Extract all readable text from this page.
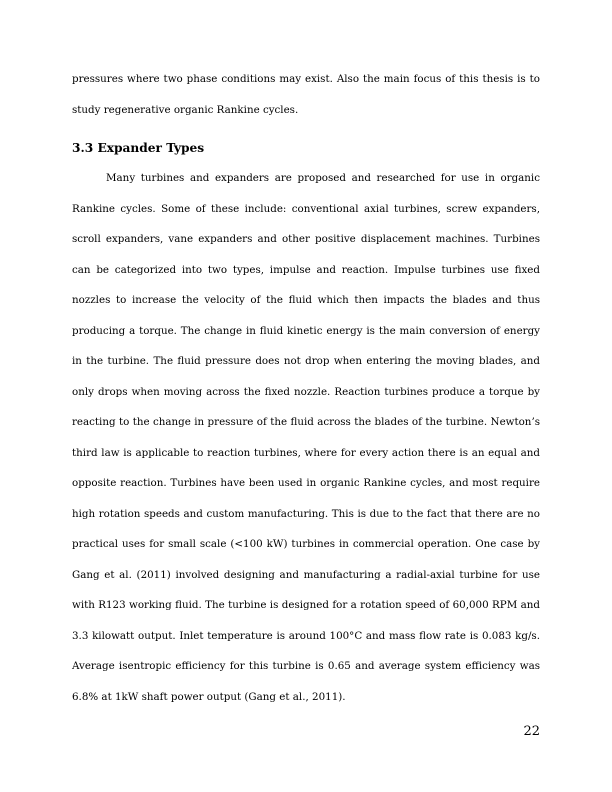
pressures where two phase conditions may exist. Also the main focus of this thesis is to study regenerative organic Rankine cycles.

3.3 Expander Types

Many turbines and expanders are proposed and researched for use in organic Rankine cycles. Some of these include: conventional axial turbines, screw expanders, scroll expanders, vane expanders and other positive displacement machines. Turbines can be categorized into two types, impulse and reaction. Impulse turbines use fixed nozzles to increase the velocity of the fluid which then impacts the blades and thus producing a torque. The change in fluid kinetic energy is the main conversion of energy in the turbine. The fluid pressure does not drop when entering the moving blades, and only drops when moving across the fixed nozzle. Reaction turbines produce a torque by reacting to the change in pressure of the fluid across the blades of the turbine. Newton’s third law is applicable to reaction turbines, where for every action there is an equal and opposite reaction. Turbines have been used in organic Rankine cycles, and most require high rotation speeds and custom manufacturing. This is due to the fact that there are no practical uses for small scale (<100 kW) turbines in commercial operation. One case by Gang et al. (2011) involved designing and manufacturing a radial-axial turbine for use with R123 working fluid. The turbine is designed for a rotation speed of 60,000 RPM and 3.3 kilowatt output. Inlet temperature is around 100°C and mass flow rate is 0.083 kg/s. Average isentropic efficiency for this turbine is 0.65 and average system efficiency was 6.8% at 1kW shaft power output (Gang et al., 2011).

22
